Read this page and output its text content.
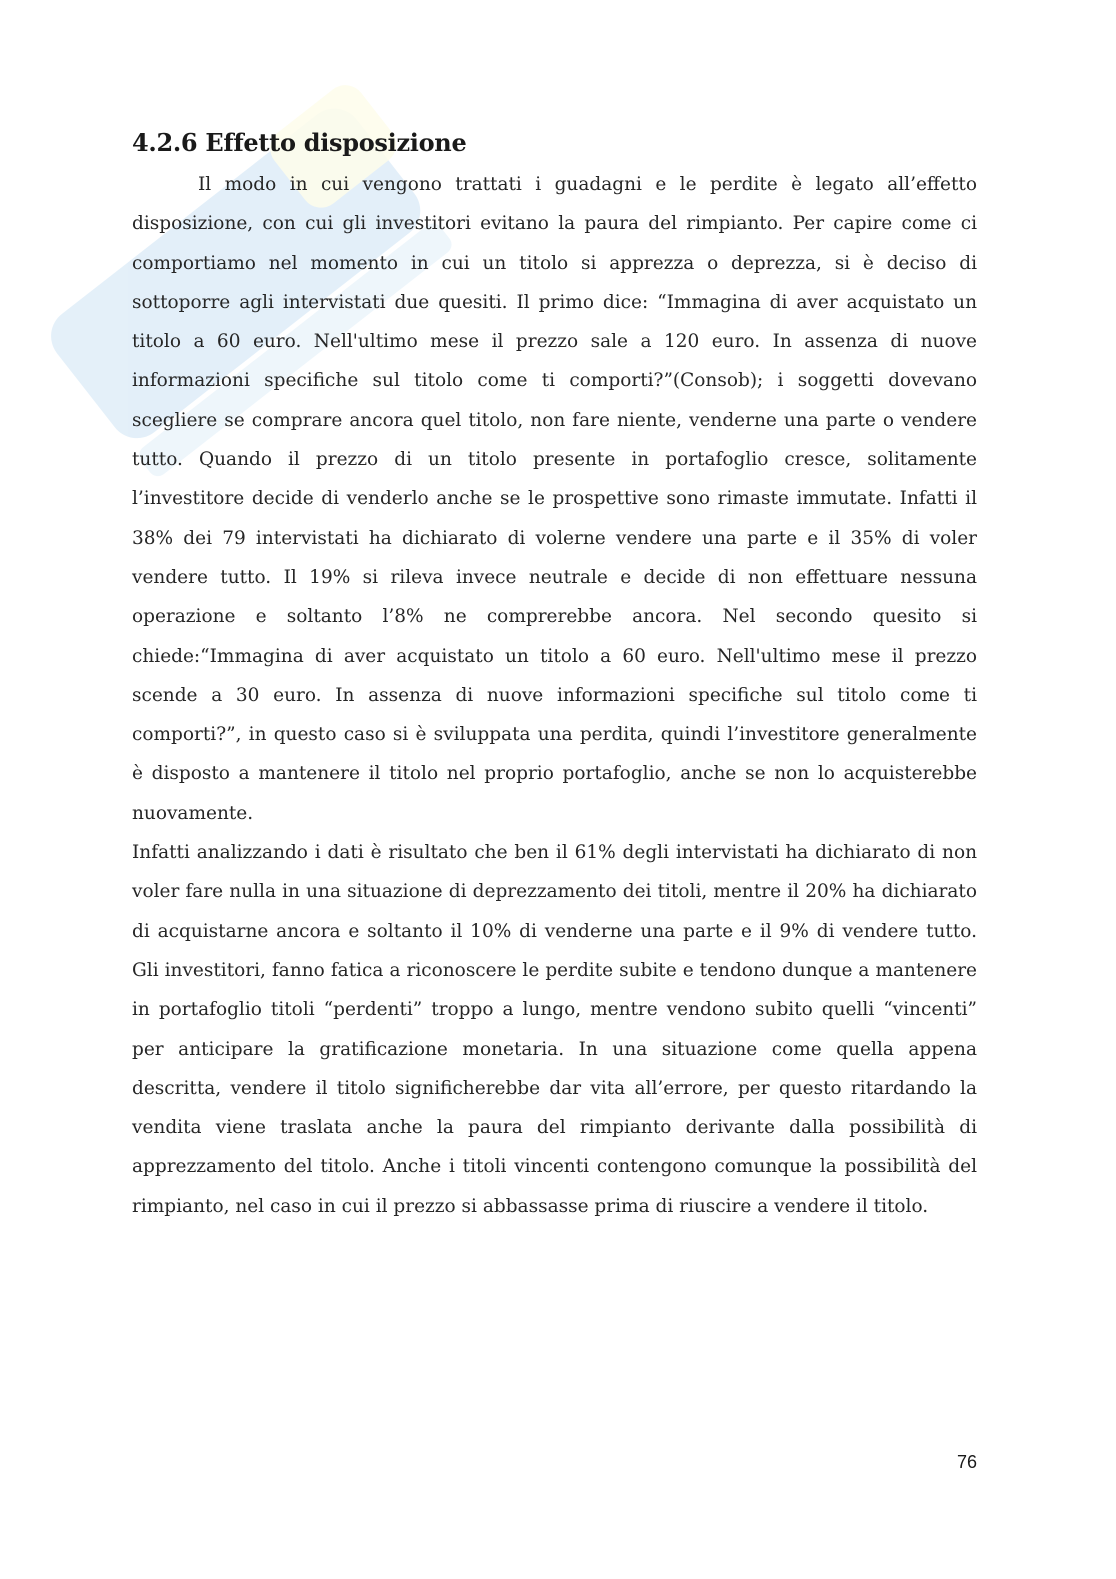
4.2.6 Effetto disposizione

Il modo in cui vengono trattati i guadagni e le perdite è legato all’effetto disposizione, con cui gli investitori evitano la paura del rimpianto. Per capire come ci comportiamo nel momento in cui un titolo si apprezza o deprezza, si è deciso di sottoporre agli intervistati due quesiti. Il primo dice: “Immagina di aver acquistato un titolo a 60 euro. Nell'ultimo mese il prezzo sale a 120 euro. In assenza di nuove informazioni specifiche sul titolo come ti comporti?”(Consob); i soggetti dovevano scegliere se comprare ancora quel titolo, non fare niente, venderne una parte o vendere tutto. Quando il prezzo di un titolo presente in portafoglio cresce, solitamente l’investitore decide di venderlo anche se le prospettive sono rimaste immutate. Infatti il 38% dei 79 intervistati ha dichiarato di volerne vendere una parte e il 35% di voler vendere tutto. Il 19% si rileva invece neutrale e decide di non effettuare nessuna operazione e soltanto l’8% ne comprerebbe ancora. Nel secondo quesito si chiede:“Immagina di aver acquistato un titolo a 60 euro. Nell'ultimo mese il prezzo scende a 30 euro. In assenza di nuove informazioni specifiche sul titolo come ti comporti?”, in questo caso si è sviluppata una perdita, quindi l’investitore generalmente è disposto a mantenere il titolo nel proprio portafoglio, anche se non lo acquisterebbe nuovamente.

Infatti analizzando i dati è risultato che ben il 61% degli intervistati ha dichiarato di non voler fare nulla in una situazione di deprezzamento dei titoli, mentre il 20% ha dichiarato di acquistarne ancora e soltanto il 10% di venderne una parte e il 9% di vendere tutto. Gli investitori, fanno fatica a riconoscere le perdite subite e tendono dunque a mantenere in portafoglio titoli “perdenti” troppo a lungo, mentre vendono subito quelli “vincenti” per anticipare la gratificazione monetaria. In una situazione come quella appena descritta, vendere il titolo significherebbe dar vita all’errore, per questo ritardando la vendita viene traslata anche la paura del rimpianto derivante dalla possibilità di apprezzamento del titolo. Anche i titoli vincenti contengono comunque la possibilità del rimpianto, nel caso in cui il prezzo si abbassasse prima di riuscire a vendere il titolo.

76
